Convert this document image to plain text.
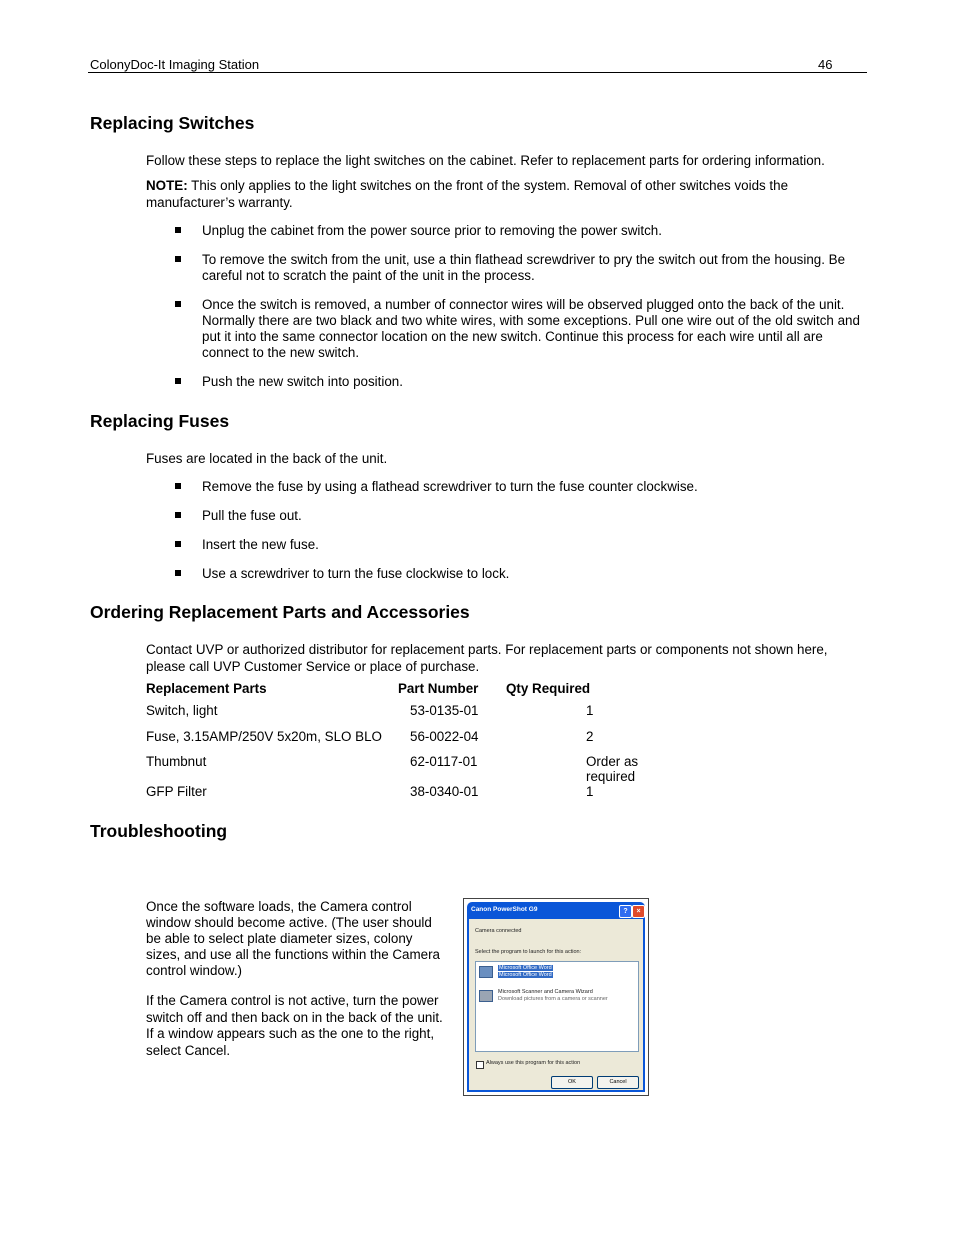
ColonyDoc-It Imaging Station	46
Replacing Switches

Follow these steps to replace the light switches on the cabinet. Refer to replacement parts for ordering information.

NOTE: This only applies to the light switches on the front of the system. Removal of other switches voids the manufacturer’s warranty.

Unplug the cabinet from the power source prior to removing the power switch.
To remove the switch from the unit, use a thin flathead screwdriver to pry the switch out from the housing. Be careful not to scratch the paint of the unit in the process.
Once the switch is removed, a number of connector wires will be observed plugged onto the back of the unit. Normally there are two black and two white wires, with some exceptions. Pull one wire out of the old switch and put it into the same connector location on the new switch. Continue this process for each wire until all are connect to the new switch.
Push the new switch into position.
Replacing Fuses

Fuses are located in the back of the unit.

Remove the fuse by using a flathead screwdriver to turn the fuse counter clockwise.
Pull the fuse out.
Insert the new fuse.
Use a screwdriver to turn the fuse clockwise to lock.
Ordering Replacement Parts and Accessories

Contact UVP or authorized distributor for replacement parts. For replacement parts or components not shown here, please call UVP Customer Service or place of purchase.

Replacement Parts	Part Number	Qty Required
Switch, light	53-0135-01	1
Fuse, 3.15AMP/250V 5x20m, SLO BLO	56-0022-04	2
Thumbnut	62-0117-01	Order as required
GFP Filter	38-0340-01	1
Troubleshooting

Once the software loads, the Camera control window should become active. (The user should be able to select plate diameter sizes, colony sizes, and use all the functions within the Camera control window.)

If the Camera control is not active, turn the power switch off and then back on in the back of the unit. If a window appears such as the one to the right, select Cancel.

Canon PowerShot G9	?	×
Camera connected
Select the program to launch for this action:
Microsoft Office Word
Microsoft Office Word
Microsoft Scanner and Camera Wizard
Download pictures from a camera or scanner
Always use this program for this action
OK	Cancel
